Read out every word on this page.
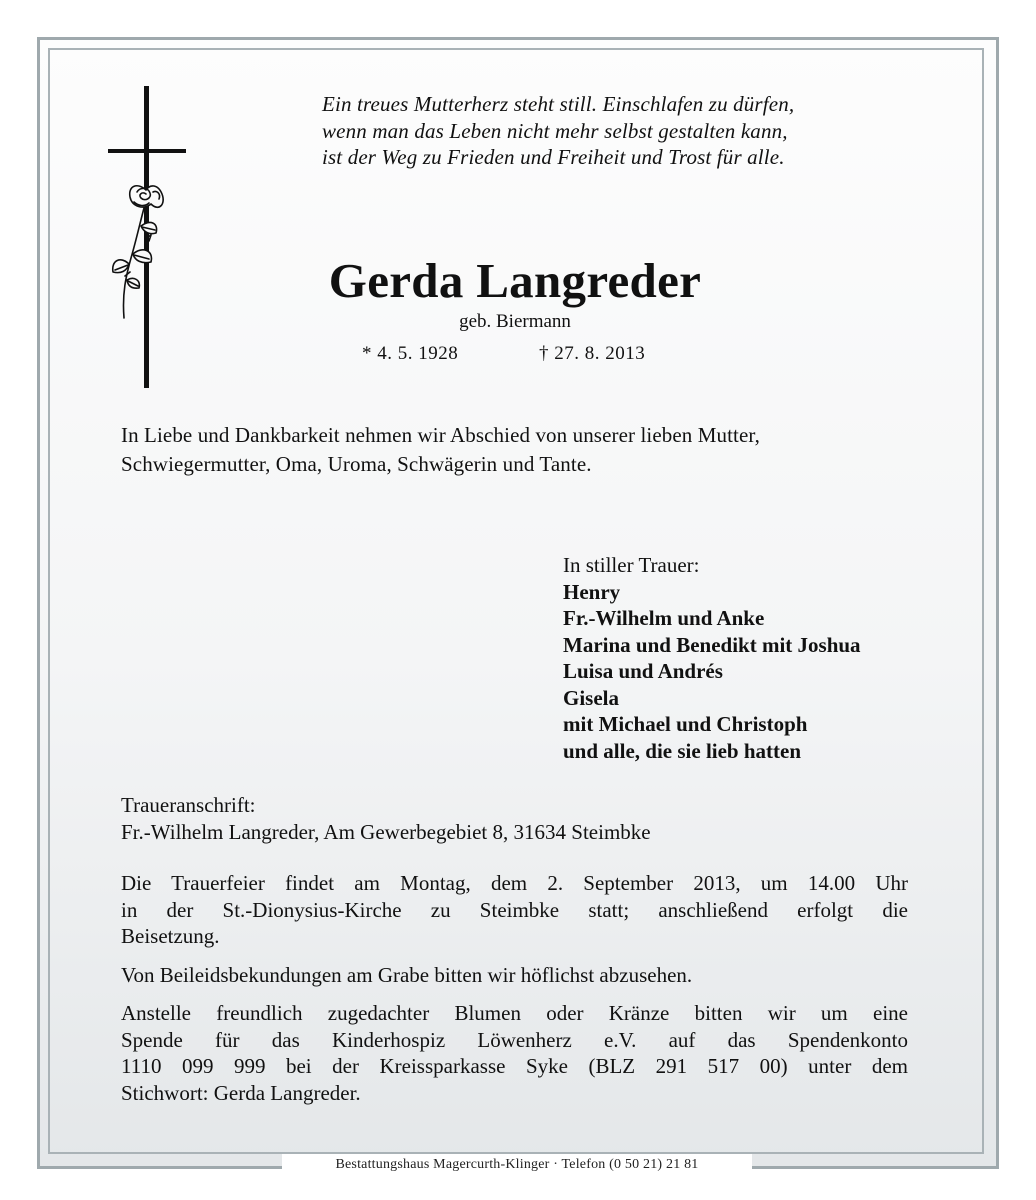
Ein treues Mutterherz steht still. Einschlafen zu dürfen,
wenn man das Leben nicht mehr selbst gestalten kann,
ist der Weg zu Frieden und Freiheit und Trost für alle.
Gerda Langreder
geb. Biermann
* 4. 5. 1928	† 27. 8. 2013
In Liebe und Dankbarkeit nehmen wir Abschied von unserer lieben Mutter,
Schwiegermutter, Oma, Uroma, Schwägerin und Tante.
In stiller Trauer:
Henry
Fr.-Wilhelm und Anke
Marina und Benedikt mit Joshua
Luisa und Andrés
Gisela
mit Michael und Christoph
und alle, die sie lieb hatten
Traueranschrift:
Fr.-Wilhelm Langreder, Am Gewerbegebiet 8, 31634 Steimbke

Die Trauerfeier findet am Montag, dem 2. September 2013, um 14.00 Uhr
in der St.-Dionysius-Kirche zu Steimbke statt; anschließend erfolgt die
Beisetzung.

Von Beileidsbekundungen am Grabe bitten wir höflichst abzusehen.

Anstelle freundlich zugedachter Blumen oder Kränze bitten wir um eine
Spende für das Kinderhospiz Löwenherz e.V. auf das Spendenkonto
1110 099 999 bei der Kreissparkasse Syke (BLZ 291 517 00) unter dem
Stichwort: Gerda Langreder.

Bestattungshaus Magercurth-Klinger · Telefon (0 50 21) 21 81
